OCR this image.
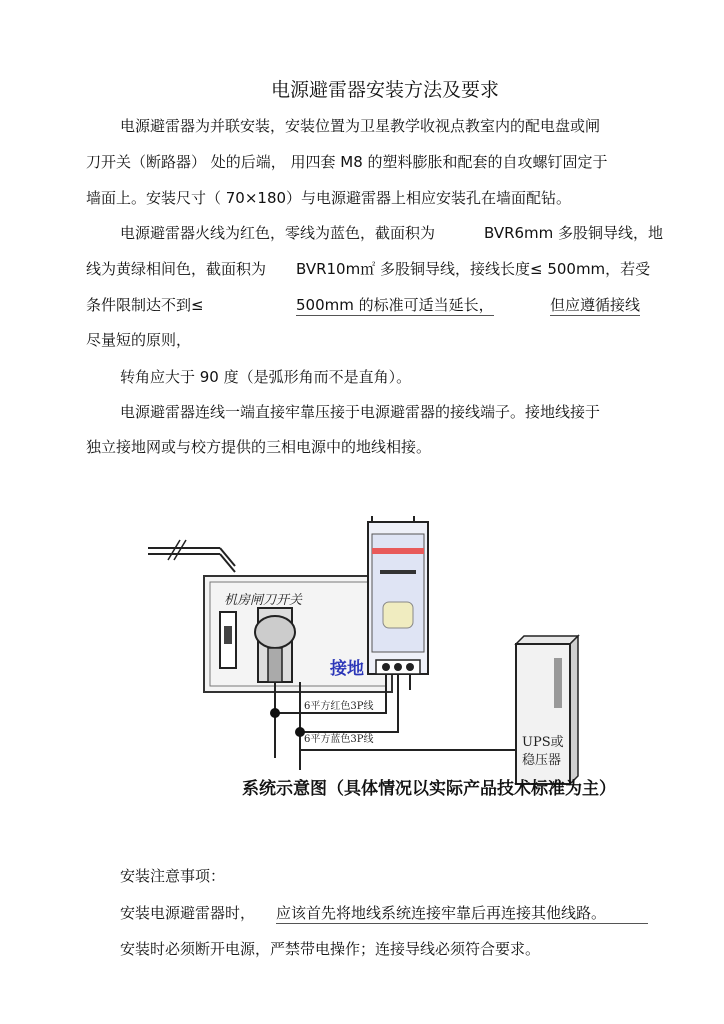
电源避雷器安装方法及要求
电源避雷器为并联安装，安装位置为卫星教学收视点教室内的配电盘或闸
刀开关（断路器） 处的后端， 用四套 M8 的塑料膨胀和配套的自攻螺钉固定于
墙面上。安装尺寸（ 70×180）与电源避雷器上相应安装孔在墙面配钻。
电源避雷器火线为红色，零线为蓝色，截面积为	BVR6mm 多股铜导线，地
线为黄绿相间色，截面积为 BVR10m㎡ 多股铜导线，接线长度≤ 500mm，若受
条件限制达不到≤	500mm 的标准可适当延长，	但应遵循接线
尽量短的原则，
转角应大于 90 度（是弧形角而不是直角）。
电源避雷器连线一端直接牢靠压接于电源避雷器的接线端子。接地线接于
独立接地网或与校方提供的三相电源中的地线相接。
机房闸刀开关
接地
6平方红色3P线
6平方蓝色3P线	UPS或
稳压器
系统示意图（具体情况以实际产品技术标准为主）
安装注意事项：
安装电源避雷器时， 应该首先将地线系统连接牢靠后再连接其他线路。
安装时必须断开电源，严禁带电操作；连接导线必须符合要求。
